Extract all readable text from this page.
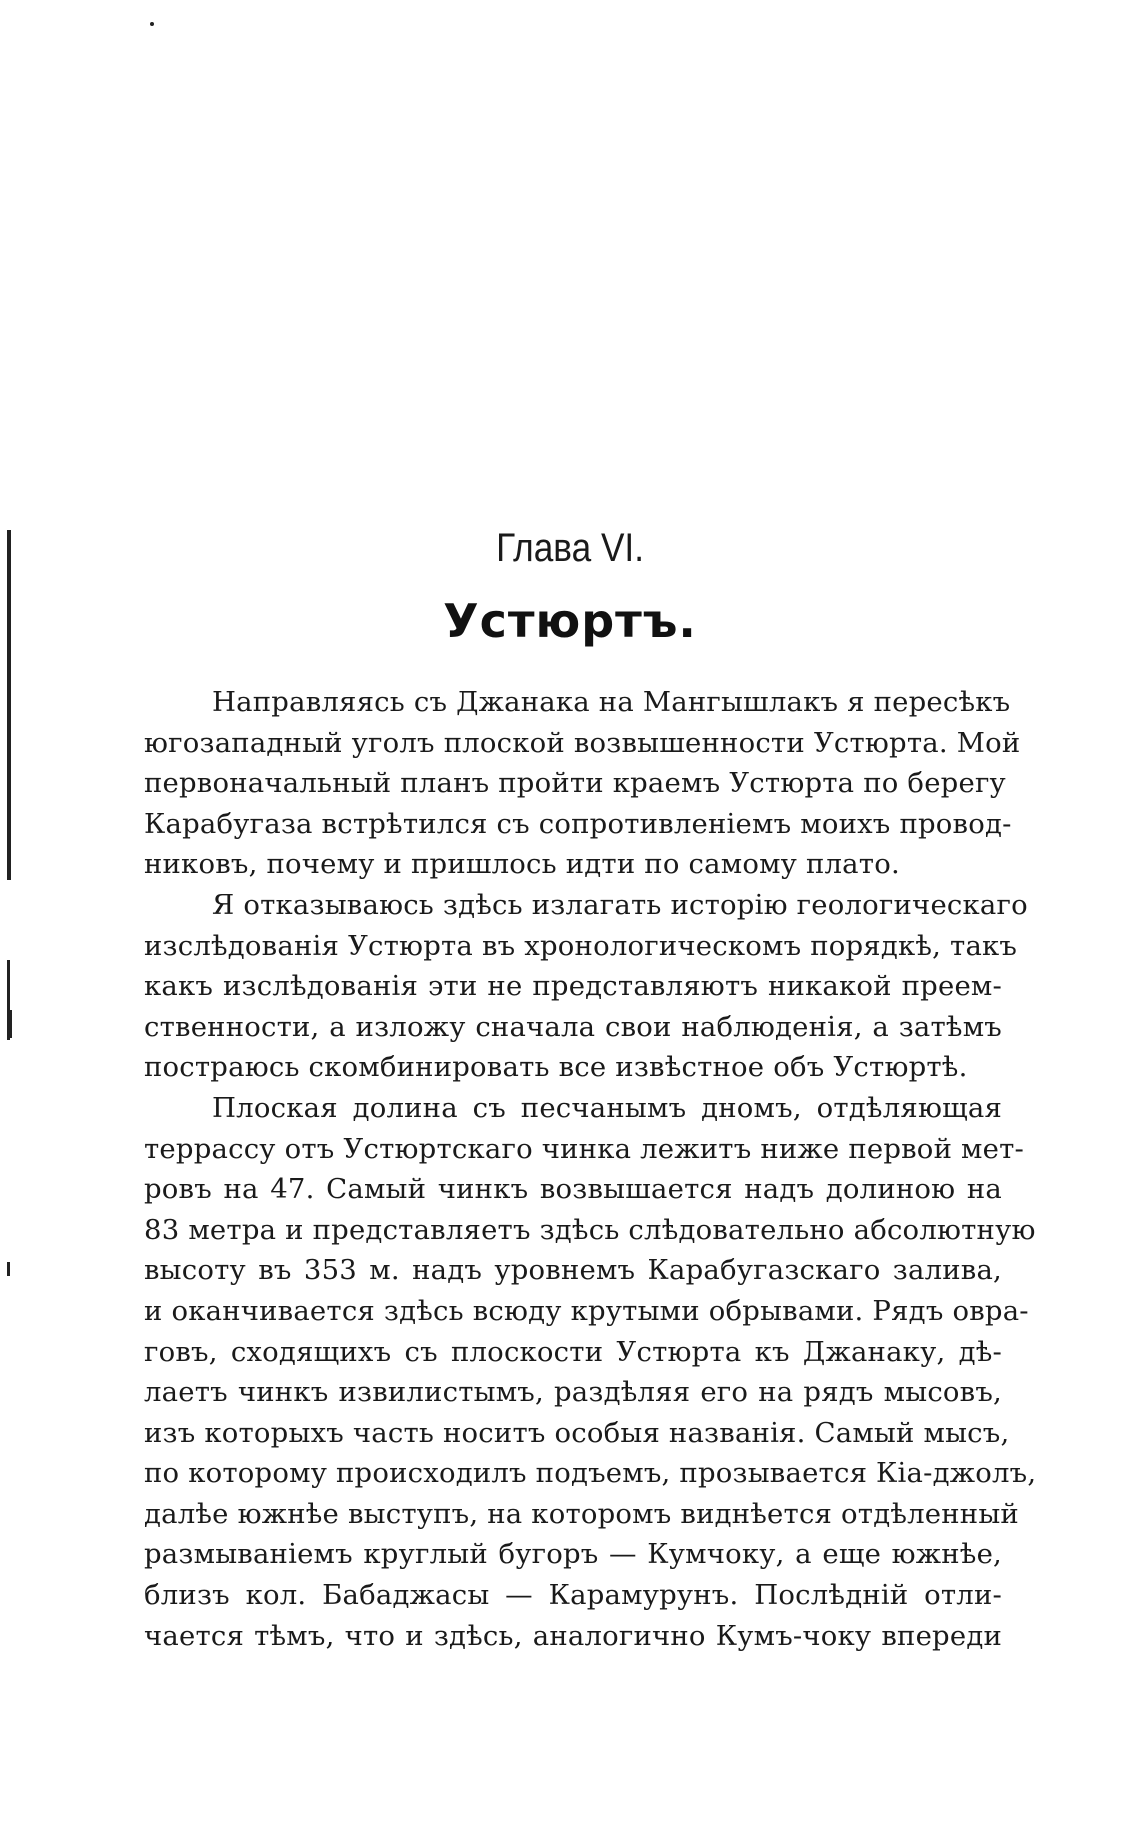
Глава VI.
Устюртъ.
Направляясь съ Джанака на Мангышлакъ я пересѣкъ
югозападный уголъ плоской возвышенности Устюрта. Мой
первоначальный планъ пройти краемъ Устюрта по берегу
Карабугаза встрѣтился съ сопротивленіемъ моихъ провод-
никовъ, почему и пришлось идти по самому плато.
Я отказываюсь здѣсь излагать исторію геологическаго
изслѣдованія Устюрта въ хронологическомъ порядкѣ, такъ
какъ изслѣдованія эти не представляютъ никакой преем-
ственности, а изложу сначала свои наблюденія, а затѣмъ
постраюсь скомбинировать все извѣстное объ Устюртѣ.
Плоская долина съ песчанымъ дномъ, отдѣляющая
террассу отъ Устюртскаго чинка лежитъ ниже первой мет-
ровъ на 47. Самый чинкъ возвышается надъ долиною на
83 метра и представляетъ здѣсь слѣдовательно абсолютную
высоту въ 353 м. надъ уровнемъ Карабугазскаго залива,
и оканчивается здѣсь всюду крутыми обрывами. Рядъ овра-
говъ, сходящихъ съ плоскости Устюрта къ Джанаку, дѣ-
лаетъ чинкъ извилистымъ, раздѣляя его на рядъ мысовъ,
изъ которыхъ часть носитъ особыя названія. Самый мысъ,
по которому происходилъ подъемъ, прозывается Кіа-джолъ,
далѣе южнѣе выступъ, на которомъ виднѣется отдѣленный
размываніемъ круглый бугоръ — Кумчоку, а еще южнѣе,
близъ кол. Бабаджасы — Карамурунъ. Послѣдній отли-
чается тѣмъ, что и здѣсь, аналогично Кумъ-чоку впереди
